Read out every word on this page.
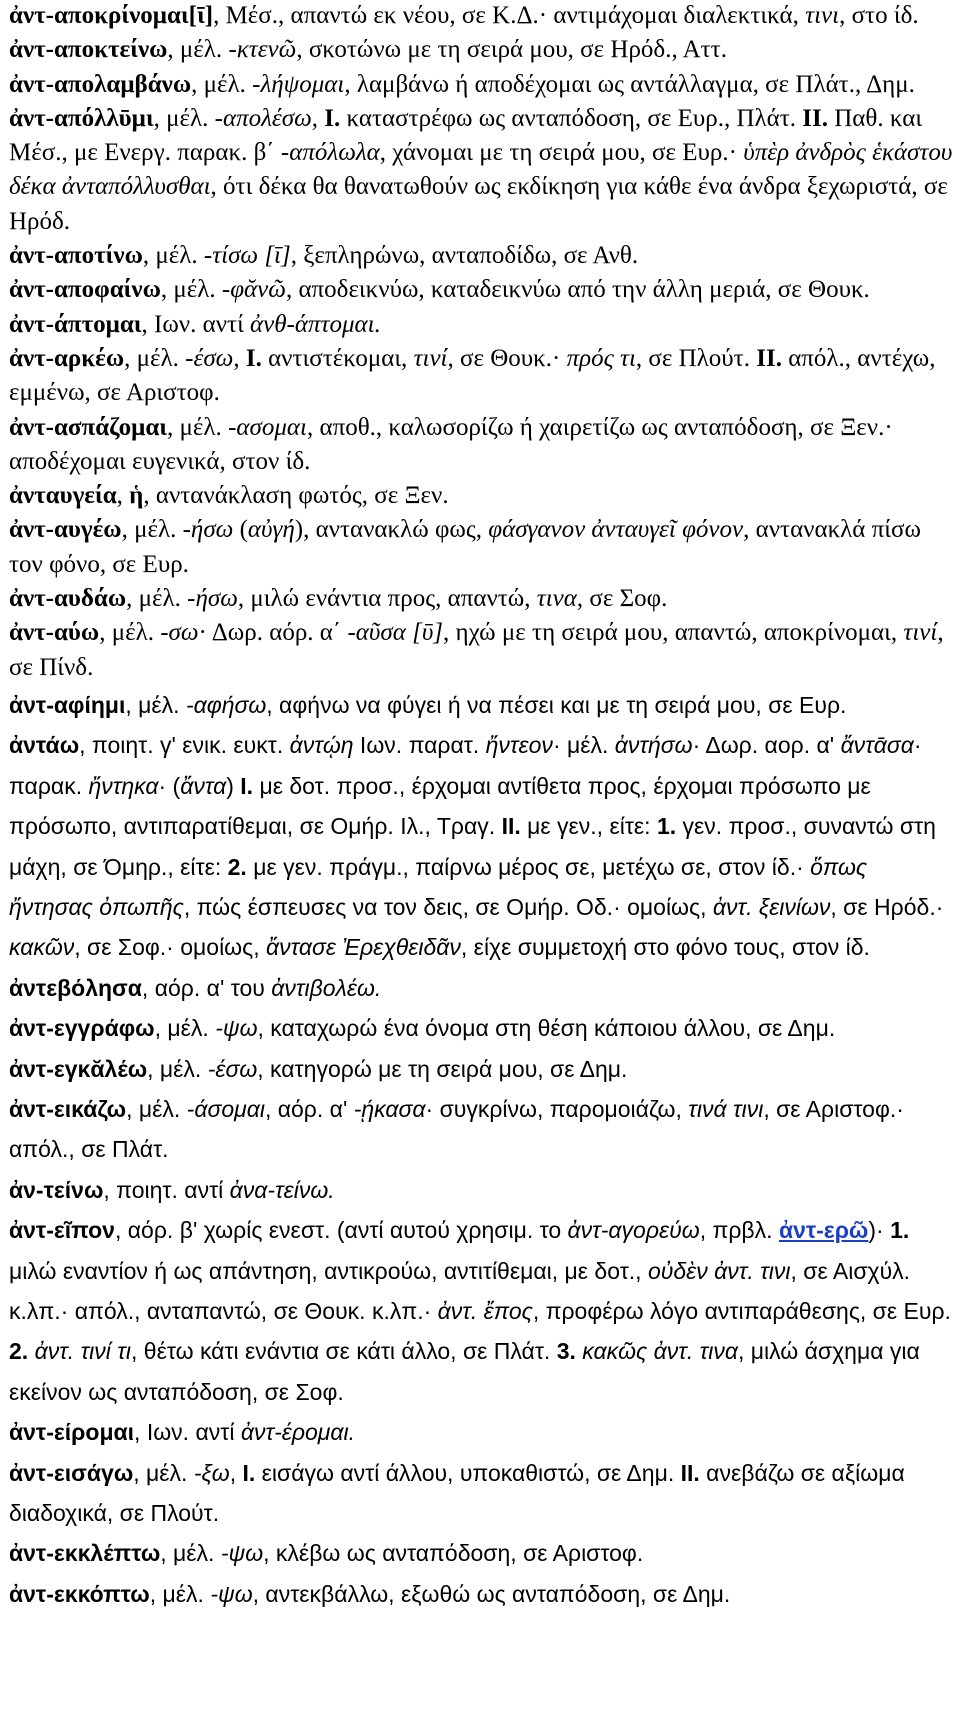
ἀντ-αποκρίνομαι[ῑ], Μέσ., απαντώ εκ νέου, σε Κ.Δ.· αντιμάχομαι διαλεκτικά, τινι, στο ίδ.

ἀντ-αποκτείνω, μέλ. -κτενῶ, σκοτώνω με τη σειρά μου, σε Ηρόδ., Αττ.

ἀντ-απολαμβάνω, μέλ. -λήψομαι, λαμβάνω ή αποδέχομαι ως αντάλλαγμα, σε Πλάτ., Δημ.

ἀντ-απόλλῡμι, μέλ. -απολέσω, I. καταστρέφω ως ανταπόδοση, σε Ευρ., Πλάτ. II. Παθ. και Μέσ., με Ενεργ. παρακ. β΄ -απόλωλα, χάνομαι με τη σειρά μου, σε Ευρ.· ὑπὲρ ἀνδρὸς ἑκάστου δέκα ἀνταπόλλυσθαι, ότι δέκα θα θανατωθούν ως εκδίκηση για κάθε ένα άνδρα ξεχωριστά, σε Ηρόδ.

ἀντ-αποτίνω, μέλ. -τίσω [ῑ], ξεπληρώνω, ανταποδίδω, σε Ανθ.

ἀντ-αποφαίνω, μέλ. -φᾰνῶ, αποδεικνύω, καταδεικνύω από την άλλη μεριά, σε Θουκ.

ἀντ-άπτομαι, Ιων. αντί ἀνθ-άπτομαι.

ἀντ-αρκέω, μέλ. -έσω, I. αντιστέκομαι, τινί, σε Θουκ.· πρός τι, σε Πλούτ. II. απόλ., αντέχω, εμμένω, σε Αριστοφ.

ἀντ-ασπάζομαι, μέλ. -ασομαι, αποθ., καλωσορίζω ή χαιρετίζω ως ανταπόδοση, σε Ξεν.· αποδέχομαι ευγενικά, στον ίδ.

ἀνταυγεία, ἡ, αντανάκλαση φωτός, σε Ξεν.

ἀντ-αυγέω, μέλ. -ήσω (αὐγή), αντανακλώ φως, φάσγανον ἀνταυγεῖ φόνον, αντανακλά πίσω τον φόνο, σε Ευρ.

ἀντ-αυδάω, μέλ. -ήσω, μιλώ ενάντια προς, απαντώ, τινα, σε Σοφ.

ἀντ-αύω, μέλ. -σω· Δωρ. αόρ. α΄ -αῦσα [ῡ], ηχώ με τη σειρά μου, απαντώ, αποκρίνομαι, τινί, σε Πίνδ.

ἀντ-αφίημι, μέλ. -αφήσω, αφήνω να φύγει ή να πέσει και με τη σειρά μου, σε Ευρ.

ἀντάω, ποιητ. γ' ενικ. ευκτ. ἀντῴη Ιων. παρατ. ἤντεον· μέλ. ἀντήσω· Δωρ. αορ. α' ἄντᾱσα· παρακ. ἤντηκα· (ἄντα) I. με δοτ. προσ., έρχομαι αντίθετα προς, έρχομαι πρόσωπο με πρόσωπο, αντιπαρατίθεμαι, σε Ομήρ. Ιλ., Τραγ. II. με γεν., είτε: 1. γεν. προσ., συναντώ στη μάχη, σε Όμηρ., είτε: 2. με γεν. πράγμ., παίρνω μέρος σε, μετέχω σε, στον ίδ.· ὅπως ἤντησας ὀπωπῆς, πώς έσπευσες να τον δεις, σε Ομήρ. Οδ.· ομοίως, ἀντ. ξεινίων, σε Ηρόδ.· κακῶν, σε Σοφ.· ομοίως, ἄντασε Ἐρεχθειδᾶν, είχε συμμετοχή στο φόνο τους, στον ίδ.

ἀντεβόλησα, αόρ. α' του ἀντιβολέω.

ἀντ-εγγράφω, μέλ. -ψω, καταχωρώ ένα όνομα στη θέση κάποιου άλλου, σε Δημ.

ἀντ-εγκᾰλέω, μέλ. -έσω, κατηγορώ με τη σειρά μου, σε Δημ.

ἀντ-εικάζω, μέλ. -άσομαι, αόρ. α' -ῄκασα· συγκρίνω, παρομοιάζω, τινά τινι, σε Αριστοφ.· απόλ., σε Πλάτ.

ἀν-τείνω, ποιητ. αντί ἀνα-τείνω.

ἀντ-εῖπον, αόρ. β' χωρίς ενεστ. (αντί αυτού χρησιμ. το ἀντ-αγορεύω, πρβλ. ἀντ-ερῶ)· 1. μιλώ εναντίον ή ως απάντηση, αντικρούω, αντιτίθεμαι, με δοτ., οὐδὲν ἀντ. τινι, σε Αισχύλ. κ.λπ.· απόλ., ανταπαντώ, σε Θουκ. κ.λπ.· ἀντ. ἔπος, προφέρω λόγο αντιπαράθεσης, σε Ευρ. 2. ἀντ. τινί τι, θέτω κάτι ενάντια σε κάτι άλλο, σε Πλάτ. 3. κακῶς ἀντ. τινα, μιλώ άσχημα για εκείνον ως ανταπόδοση, σε Σοφ.

ἀντ-είρομαι, Ιων. αντί ἀντ-έρομαι.

ἀντ-εισάγω, μέλ. -ξω, I. εισάγω αντί άλλου, υποκαθιστώ, σε Δημ. II. ανεβάζω σε αξίωμα διαδοχικά, σε Πλούτ.

ἀντ-εκκλέπτω, μέλ. -ψω, κλέβω ως ανταπόδοση, σε Αριστοφ.

ἀντ-εκκόπτω, μέλ. -ψω, αντεκβάλλω, εξωθώ ως ανταπόδοση, σε Δημ.
